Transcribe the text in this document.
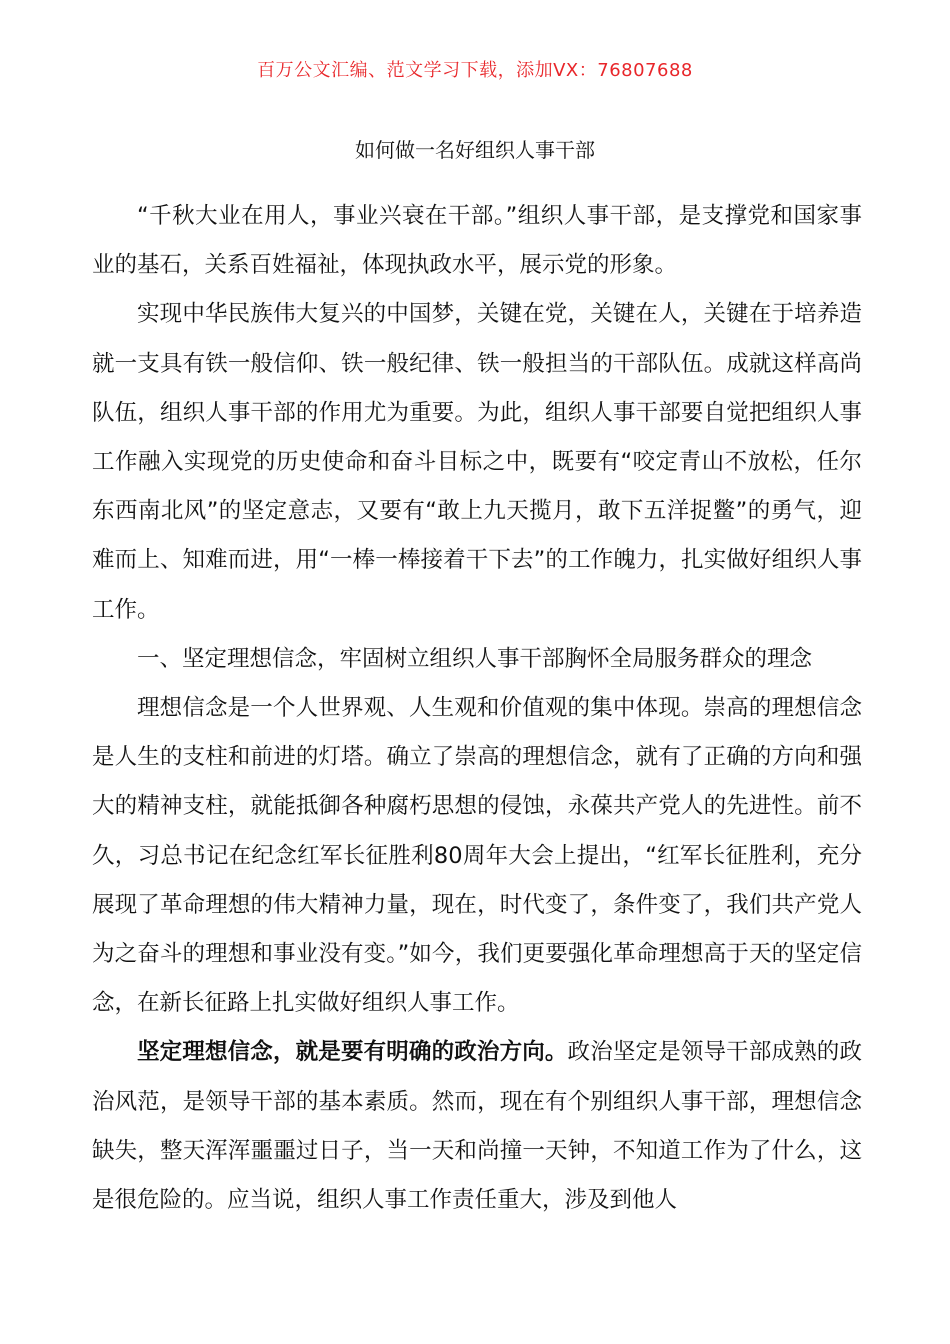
百万公文汇编、范文学习下载，添加VX：76807688
如何做一名好组织人事干部

“千秋大业在用人，事业兴衰在干部。”组织人事干部，是支撑党和国家事业的基石，关系百姓福祉，体现执政水平，展示党的形象。

实现中华民族伟大复兴的中国梦，关键在党，关键在人，关键在于培养造就一支具有铁一般信仰、铁一般纪律、铁一般担当的干部队伍。成就这样高尚队伍，组织人事干部的作用尤为重要。为此，组织人事干部要自觉把组织人事工作融入实现党的历史使命和奋斗目标之中，既要有“咬定青山不放松，任尔东西南北风”的坚定意志，又要有“敢上九天揽月，敢下五洋捉鳖”的勇气，迎难而上、知难而进，用“一棒一棒接着干下去”的工作魄力，扎实做好组织人事工作。

一、坚定理想信念，牢固树立组织人事干部胸怀全局服务群众的理念

理想信念是一个人世界观、人生观和价值观的集中体现。崇高的理想信念是人生的支柱和前进的灯塔。确立了崇高的理想信念，就有了正确的方向和强大的精神支柱，就能抵御各种腐朽思想的侵蚀，永葆共产党人的先进性。前不久，习总书记在纪念红军长征胜利80周年大会上提出，“红军长征胜利，充分展现了革命理想的伟大精神力量，现在，时代变了，条件变了，我们共产党人为之奋斗的理想和事业没有变。”如今，我们更要强化革命理想高于天的坚定信念，在新长征路上扎实做好组织人事工作。

坚定理想信念，就是要有明确的政治方向。政治坚定是领导干部成熟的政治风范，是领导干部的基本素质。然而，现在有个别组织人事干部，理想信念缺失，整天浑浑噩噩过日子，当一天和尚撞一天钟，不知道工作为了什么，这是很危险的。应当说，组织人事工作责任重大，涉及到他人
